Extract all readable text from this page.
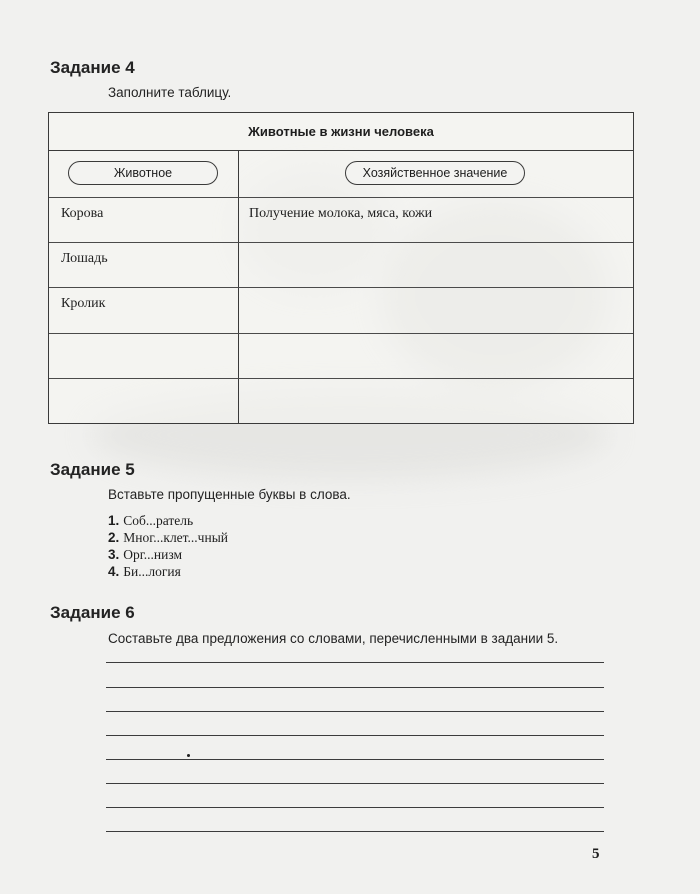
Задание 4
Заполните таблицу.
Животные в жизни человека
Животное	Хозяйственное значение
Корова	Получение молока, мяса, кожи
Лошадь
Кролик
Задание 5
Вставьте пропущенные буквы в слова.
1. Соб...ратель
2. Мног...клет...чный
3. Орг...низм
4. Би...логия
Задание 6
Составьте два предложения со словами, перечисленными в задании 5.
5
